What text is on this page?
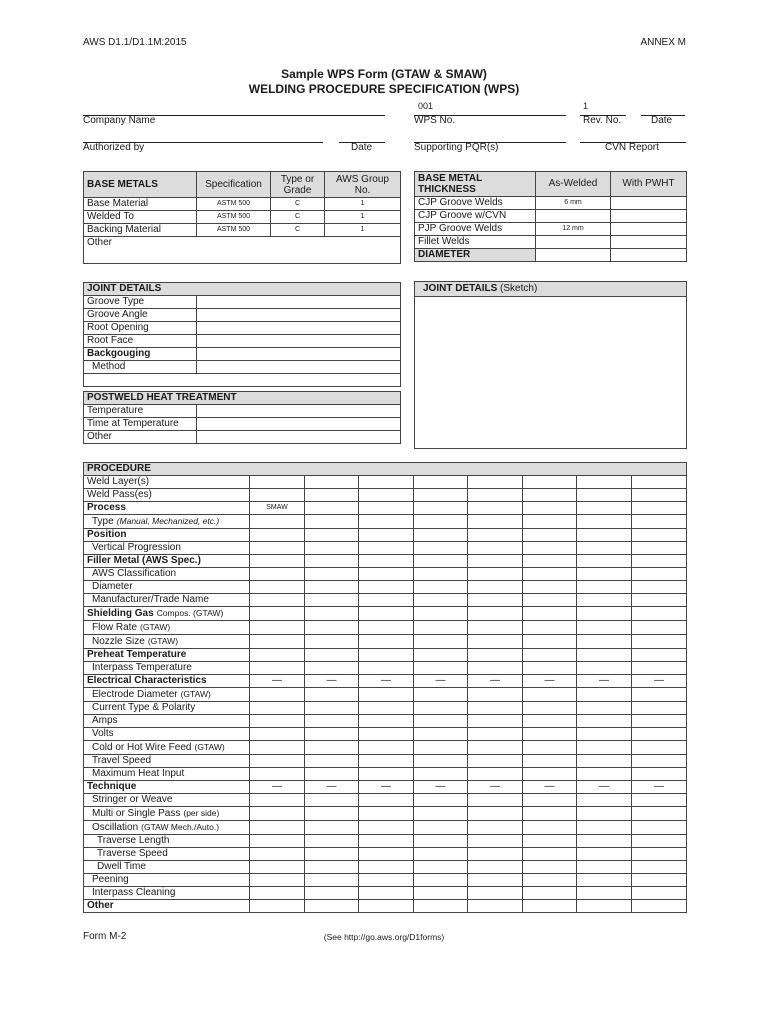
AWS D1.1/D1.1M:2015	ANNEX M
Sample WPS Form (GTAW & SMAW)
WELDING PROCEDURE SPECIFICATION (WPS)
Company Name
001
WPS No.
1
Rev. No.	Date
Authorized by	Date	Supporting PQR(s)	CVN Report
BASE METALS	Specification	Type or Grade	AWS Group No.
Base Material	ASTM 500	C	1
Welded To	ASTM 500	C	1
Backing Material	ASTM 500	C	1
Other			
BASE METAL THICKNESS	As-Welded	With PWHT
CJP Groove Welds	6 mm	
CJP Groove w/CVN		
PJP Groove Welds	12 mm	
Fillet Welds		
DIAMETER		
JOINT DETAILS	
Groove Type	
Groove Angle	
Root Opening	
Root Face	
Backgouging	
Method	

POSTWELD HEAT TREATMENT	
Temperature	
Time at Temperature	
Other	
JOINT DETAILS (Sketch)
PROCEDURE								
Weld Layer(s)								
Weld Pass(es)								
Process	SMAW							
Type (Manual, Mechanized, etc.)								
Position								
Vertical Progression								
Filler Metal (AWS Spec.)								
AWS Classification								
Diameter								
Manufacturer/Trade Name								
Shielding Gas Compos. (GTAW)								
Flow Rate (GTAW)								
Nozzle Size (GTAW)								
Preheat Temperature								
Interpass Temperature								
Electrical Characteristics	—	—	—	—	—	—	—	—
Electrode Diameter (GTAW)								
Current Type & Polarity								
Amps								
Volts								
Cold or Hot Wire Feed (GTAW)								
Travel Speed								
Maximum Heat Input								
Technique	—	—	—	—	—	—	—	—
Stringer or Weave								
Multi or Single Pass (per side)								
Oscillation (GTAW Mech./Auto.)								
Traverse Length								
Traverse Speed								
Dwell Time								
Peening								
Interpass Cleaning								
Other								
Form M-2	(See http://go.aws.org/D1forms)
